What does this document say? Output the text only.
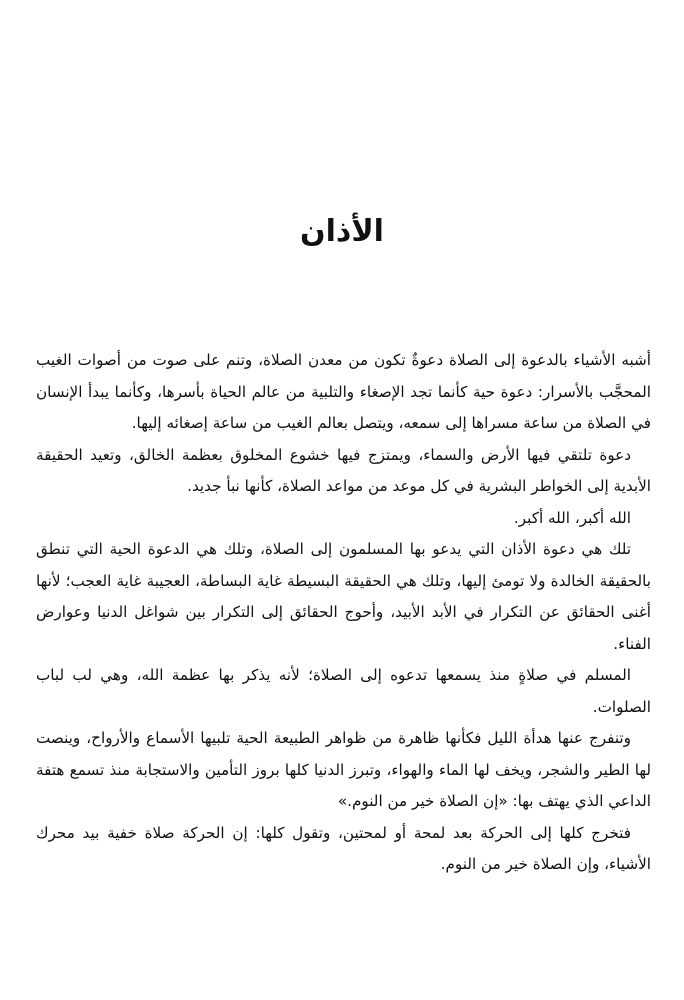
الأذان

أشبه الأشياء بالدعوة إلى الصلاة دعوةٌ تكون من معدن الصلاة، وتنم على صوت من أصوات الغيب المحجَّب بالأسرار: دعوة حية كأنما تجد الإصغاء والتلبية من عالم الحياة بأسرها، وكأنما يبدأ الإنسان في الصلاة من ساعة مسراها إلى سمعه، ويتصل بعالم الغيب من ساعة إصغائه إليها.

دعوة تلتقي فيها الأرض والسماء، ويمتزج فيها خشوع المخلوق بعظمة الخالق، وتعيد الحقيقة الأبدية إلى الخواطر البشرية في كل موعد من مواعد الصلاة، كأنها نبأ جديد.

الله أكبر، الله أكبر.

تلك هي دعوة الأذان التي يدعو بها المسلمون إلى الصلاة، وتلك هي الدعوة الحية التي تنطق بالحقيقة الخالدة ولا تومئ إليها، وتلك هي الحقيقة البسيطة غاية البساطة، العجيبة غاية العجب؛ لأنها أغنى الحقائق عن التكرار في الأبد الأبيد، وأحوج الحقائق إلى التكرار بين شواغل الدنيا وعوارض الفناء.

المسلم في صلاةٍ منذ يسمعها تدعوه إلى الصلاة؛ لأنه يذكر بها عظمة الله، وهي لب لباب الصلوات.

وتنفرج عنها هدأة الليل فكأنها ظاهرة من ظواهر الطبيعة الحية تلبيها الأسماع والأرواح، وينصت لها الطير والشجر، ويخف لها الماء والهواء، وتبرز الدنيا كلها بروز التأمين والاستجابة منذ تسمع هتفة الداعي الذي يهتف بها: «إن الصلاة خير من النوم.»

فتخرج كلها إلى الحركة بعد لمحة أو لمحتين، وتقول كلها: إن الحركة صلاة خفية بيد محرك الأشياء، وإن الصلاة خير من النوم.
